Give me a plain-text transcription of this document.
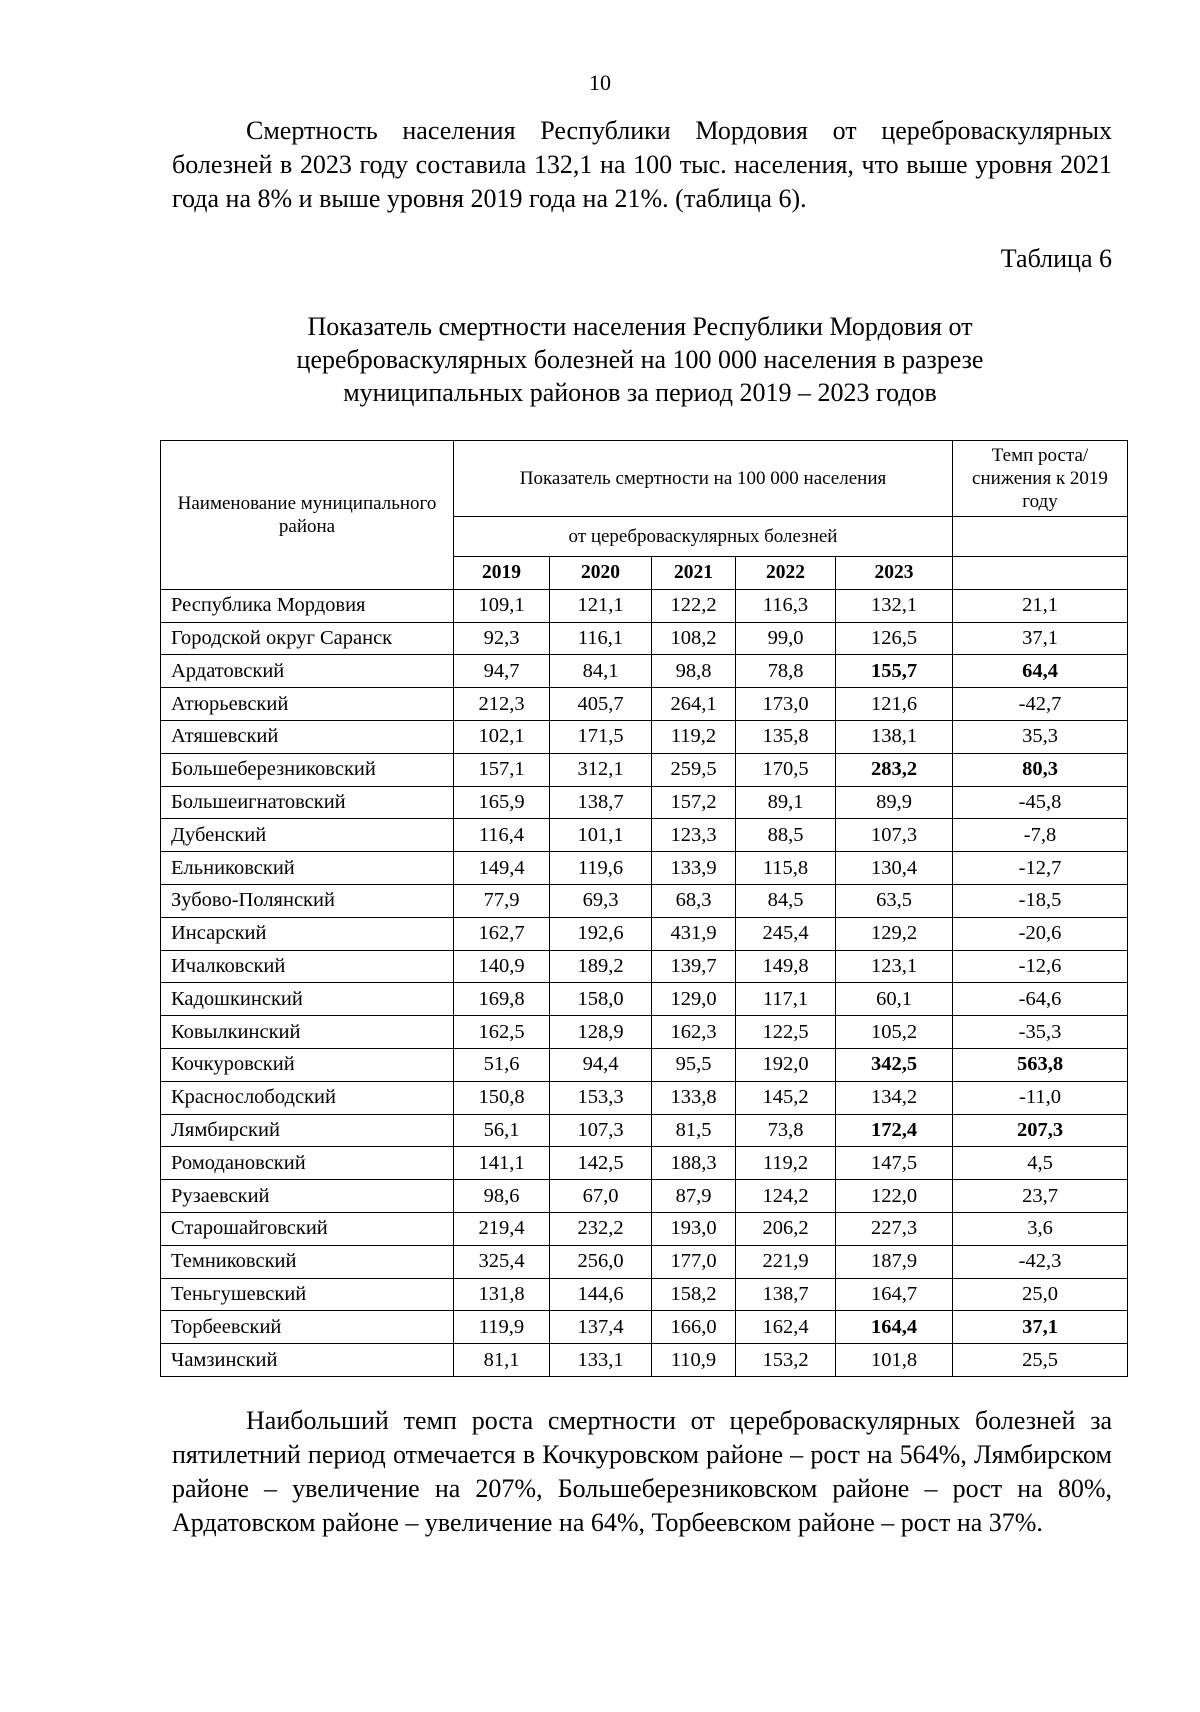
10
Смертность населения Республики Мордовия от цереброваскулярных болезней в 2023 году составила 132,1 на 100 тыс. населения, что выше уровня 2021 года на 8% и выше уровня 2019 года на 21%. (таблица 6).
Таблица 6
Показатель смертности населения Республики Мордовия от
цереброваскулярных болезней на 100 000 населения в разрезе
муниципальных районов за период 2019 – 2023 годов
Наименование муниципального района	Показатель смертности на 100 000 населения					Темп роста/снижения к 2019 году
	от цереброваскулярных болезней					
	2019	2020	2021	2022	2023	
Республика Мордовия	109,1	121,1	122,2	116,3	132,1	21,1
Городской округ Саранск	92,3	116,1	108,2	99,0	126,5	37,1
Ардатовский	94,7	84,1	98,8	78,8	155,7	64,4
Атюрьевский	212,3	405,7	264,1	173,0	121,6	-42,7
Атяшевский	102,1	171,5	119,2	135,8	138,1	35,3
Большеберезниковский	157,1	312,1	259,5	170,5	283,2	80,3
Большеигнатовский	165,9	138,7	157,2	89,1	89,9	-45,8
Дубенский	116,4	101,1	123,3	88,5	107,3	-7,8
Ельниковский	149,4	119,6	133,9	115,8	130,4	-12,7
Зубово-Полянский	77,9	69,3	68,3	84,5	63,5	-18,5
Инсарский	162,7	192,6	431,9	245,4	129,2	-20,6
Ичалковский	140,9	189,2	139,7	149,8	123,1	-12,6
Кадошкинский	169,8	158,0	129,0	117,1	60,1	-64,6
Ковылкинский	162,5	128,9	162,3	122,5	105,2	-35,3
Кочкуровский	51,6	94,4	95,5	192,0	342,5	563,8
Краснослободский	150,8	153,3	133,8	145,2	134,2	-11,0
Лямбирский	56,1	107,3	81,5	73,8	172,4	207,3
Ромодановский	141,1	142,5	188,3	119,2	147,5	4,5
Рузаевский	98,6	67,0	87,9	124,2	122,0	23,7
Старошайговский	219,4	232,2	193,0	206,2	227,3	3,6
Темниковский	325,4	256,0	177,0	221,9	187,9	-42,3
Теньгушевский	131,8	144,6	158,2	138,7	164,7	25,0
Торбеевский	119,9	137,4	166,0	162,4	164,4	37,1
Чамзинский	81,1	133,1	110,9	153,2	101,8	25,5
Наибольший темп роста смертности от цереброваскулярных болезней за пятилетний период отмечается в Кочкуровском районе – рост на 564%, Лямбирском районе – увеличение на 207%, Большеберезниковском районе – рост на 80%, Ардатовском районе – увеличение на 64%, Торбеевском районе – рост на 37%.
